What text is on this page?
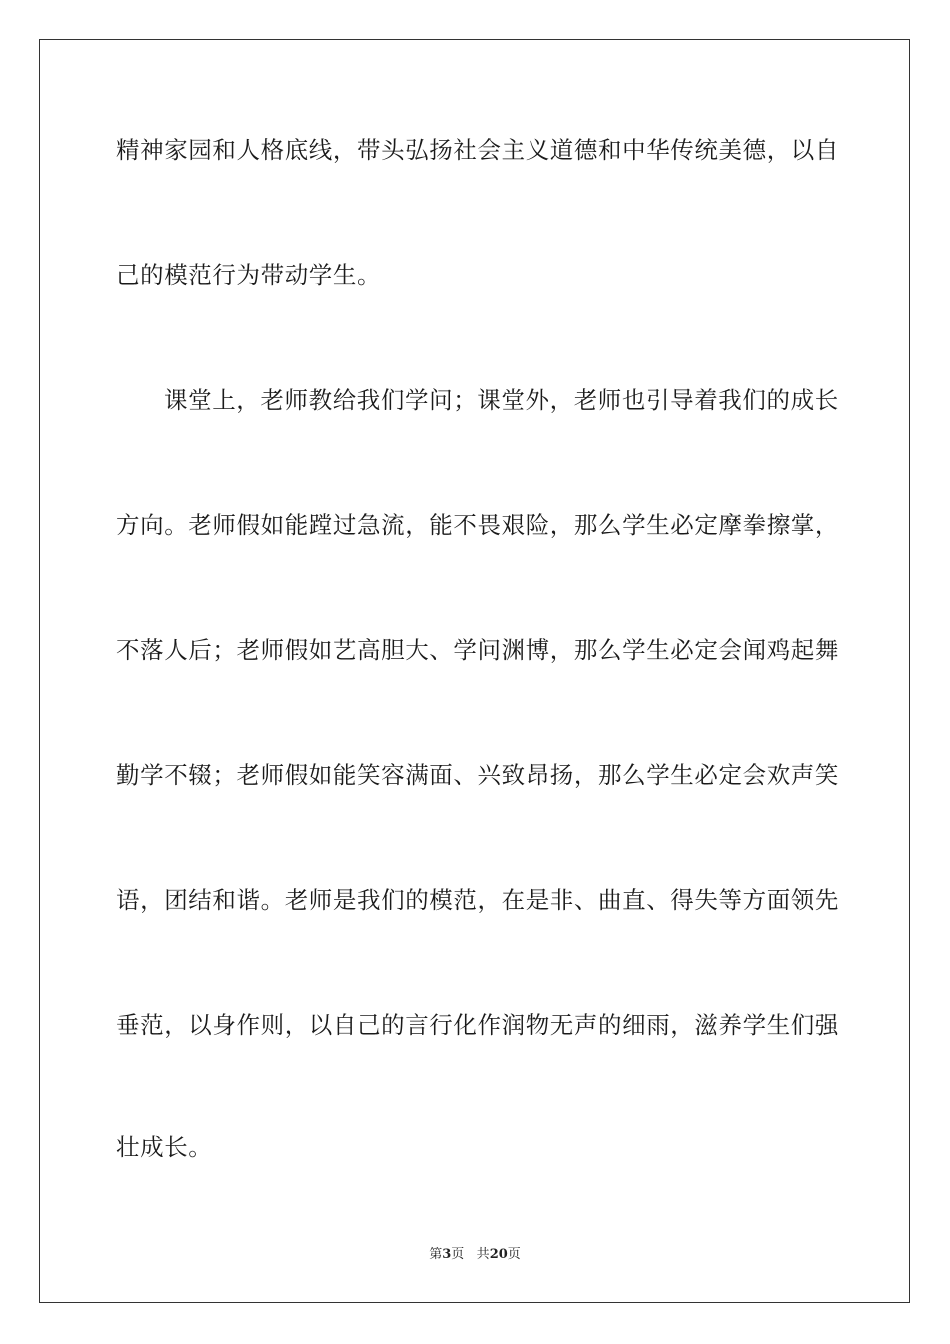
精神家园和人格底线，带头弘扬社会主义道德和中华传统美德，以自
己的模范行为带动学生。
课堂上，老师教给我们学问；课堂外，老师也引导着我们的成长
方向。老师假如能蹚过急流，能不畏艰险，那么学生必定摩拳擦掌，
不落人后；老师假如艺高胆大、学问渊博，那么学生必定会闻鸡起舞
勤学不辍；老师假如能笑容满面、兴致昂扬，那么学生必定会欢声笑
语，团结和谐。老师是我们的模范，在是非、曲直、得失等方面领先
垂范，以身作则，以自己的言行化作润物无声的细雨，滋养学生们强
壮成长。
第3页 共20页
